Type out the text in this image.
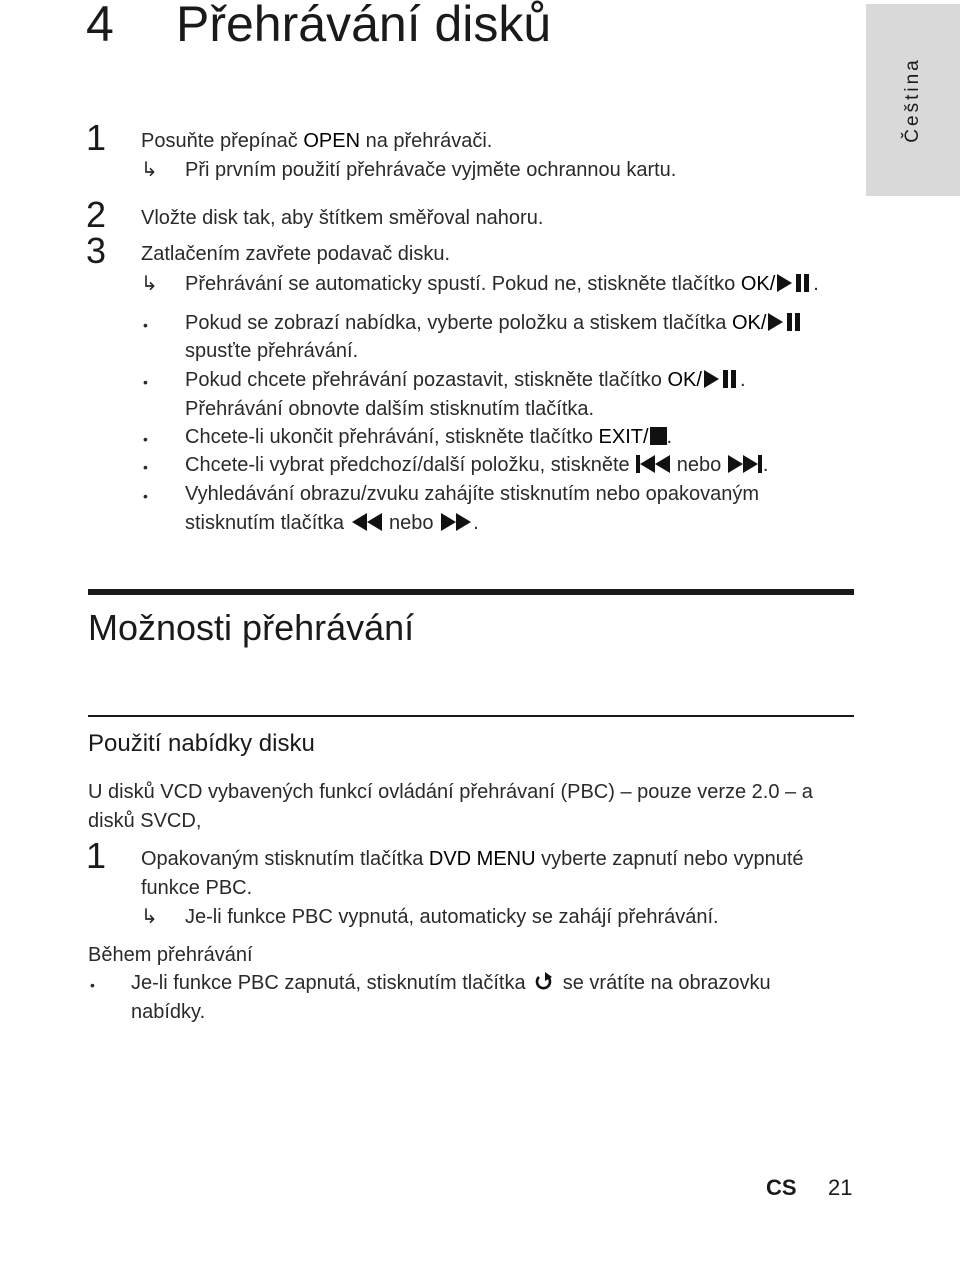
4 Přehrávání disků
Čeština
1 Posuňte přepínač OPEN na přehrávači.
↳ Při prvním použití přehrávače vyjměte ochrannou kartu.
2 Vložte disk tak, aby štítkem směřoval nahoru.
3 Zatlačením zavřete podavač disku.
↳ Přehrávání se automaticky spustí. Pokud ne, stiskněte tlačítko OK/ .
• Pokud se zobrazí nabídka, vyberte položku a stiskem tlačítka OK/
spusťte přehrávání.
• Pokud chcete přehrávání pozastavit, stiskněte tlačítko OK/ .
Přehrávání obnovte dalším stisknutím tlačítka.
• Chcete-li ukončit přehrávání, stiskněte tlačítko EXIT/ .
• Chcete-li vybrat předchozí/další položku, stiskněte
nebo
.
• Vyhledávání obrazu/zvuku zahájíte stisknutím nebo opakovaným
stisknutím tlačítka
nebo
.
Možnosti přehrávání
Použití nabídky disku
U disků VCD vybavených funkcí ovládání přehrávaní (PBC) – pouze verze 2.0 – a
disků SVCD,
1 Opakovaným stisknutím tlačítka DVD MENU vyberte zapnutí nebo vypnuté
funkce PBC.
↳ Je-li funkce PBC vypnutá, automaticky se zahájí přehrávání.
Během přehrávání
• Je-li funkce PBC zapnutá, stisknutím tlačítka
se vrátíte na obrazovku
nabídky.
CS 21
